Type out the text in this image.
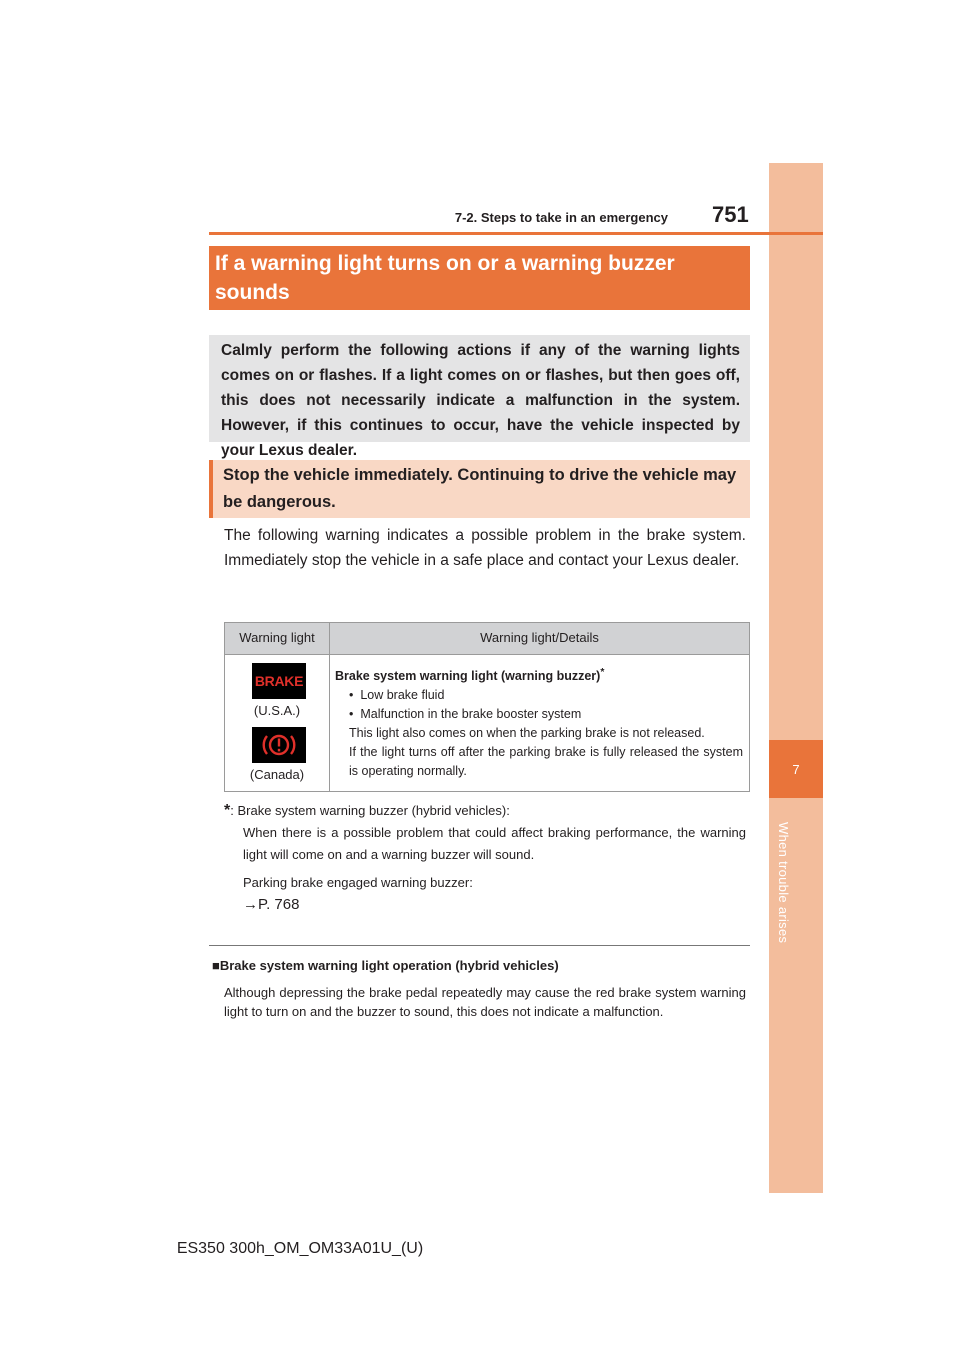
7
When trouble arises
7-2. Steps to take in an emergency 751
If a warning light turns on or a warning buzzer sounds
Calmly perform the following actions if any of the warning lights comes on or flashes. If a light comes on or flashes, but then goes off, this does not necessarily indicate a malfunction in the system. However, if this continues to occur, have the vehicle inspected by your Lexus dealer.
Stop the vehicle immediately. Continuing to drive the vehicle may be dangerous.
The following warning indicates a possible problem in the brake system. Immediately stop the vehicle in a safe place and contact your Lexus dealer.
Warning light	Warning light/Details
BRAKE
(U.S.A.)
(Canada)
Brake system warning light (warning buzzer)*
•  Low brake fluid
•  Malfunction in the brake booster system
This light also comes on when the parking brake is not released.
If the light turns off after the parking brake is fully released the system is operating normally.
*: Brake system warning buzzer (hybrid vehicles):
When there is a possible problem that could affect braking performance, the warning light will come on and a warning buzzer will sound.
Parking brake engaged warning buzzer:
→P. 768
■Brake system warning light operation (hybrid vehicles)
Although depressing the brake pedal repeatedly may cause the red brake system warning light to turn on and the buzzer to sound, this does not indicate a malfunction.
ES350 300h_OM_OM33A01U_(U)
